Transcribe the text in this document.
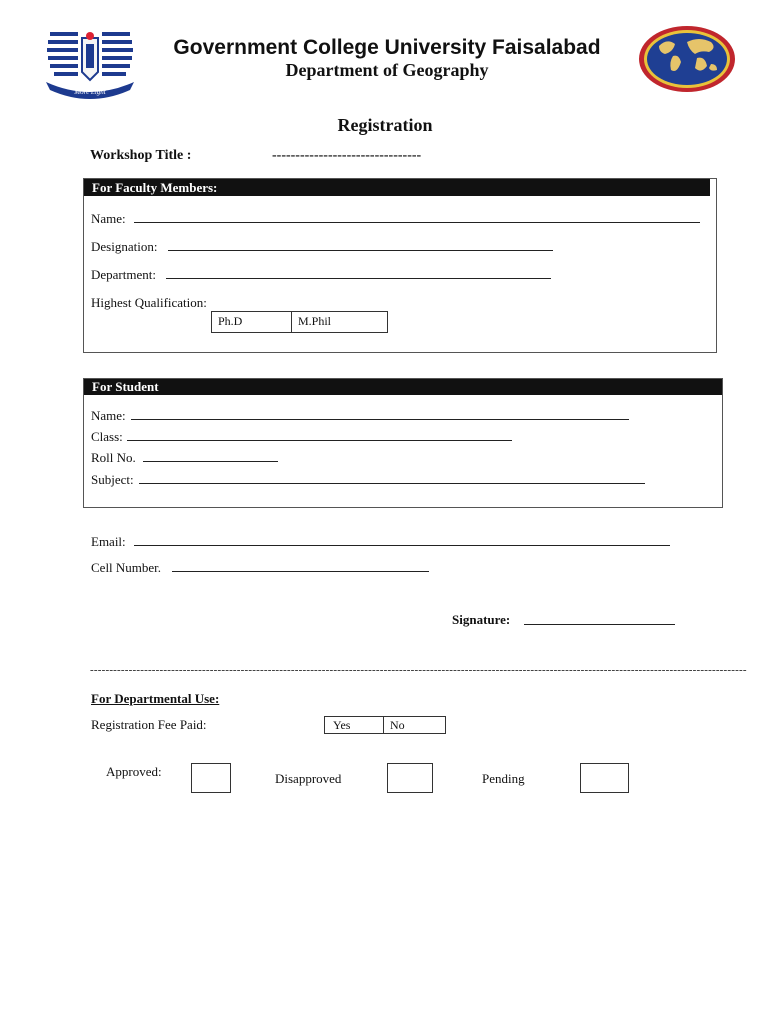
More Light
Government College University Faisalabad
Department of Geography
Registration
Workshop Title :	--------------------------------
For Faculty Members:
Name:
Designation:
Department:
Highest Qualification:
Ph.D	M.Phil
For Student
Name:
Class:
Roll No.
Subject:
Email:
Cell Number.
Signature:
--------------------------------------------------------------------------------------------------------------------------------------------------------------------------
For Departmental Use:
Registration Fee Paid:	Yes	No
Approved:	Disapproved	Pending
